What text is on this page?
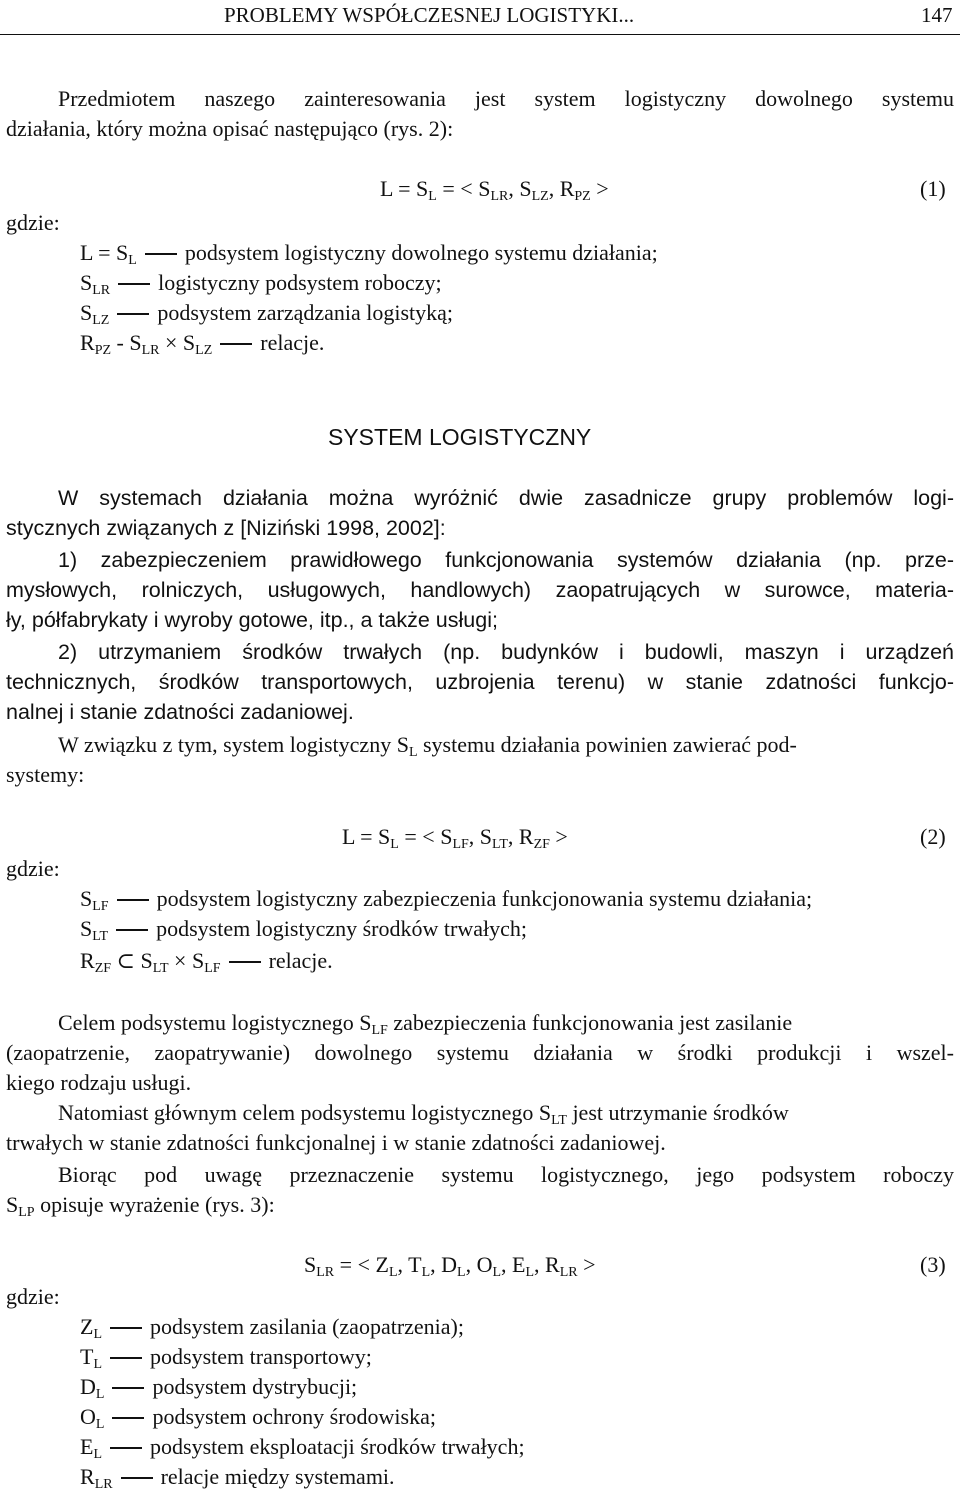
PROBLEMY WSPÓŁCZESNEJ LOGISTYKI...	147
Przedmiotem naszego zainteresowania jest system logistyczny dowolnego systemu
działania, który można opisać następująco (rys. 2):
$L = S_L$ = < $S_{LR}$, $S_{LZ}$, $R_{PZ}$ >	(1)
gdzie:
$L = S_L$ podsystem logistyczny dowolnego systemu działania;
$S_{LR}$ logistyczny podsystem roboczy;
$S_{LZ}$ podsystem zarządzania logistyką;
$R_{PZ} - S_{LR} \times S_{LZ}$ relacje.
SYSTEM LOGISTYCZNY
W systemach działania można wyróżnić dwie zasadnicze grupy problemów logi-
stycznych związanych z [Niziński 1998, 2002]:
1) zabezpieczeniem prawidłowego funkcjonowania systemów działania (np. prze-
mysłowych, rolniczych, usługowych, handlowych) zaopatrujących w surowce, materia-
ły, półfabrykaty i wyroby gotowe, itp., a także usługi;
2) utrzymaniem środków trwałych (np. budynków i budowli, maszyn i urządzeń
technicznych, środków transportowych, uzbrojenia terenu) w stanie zdatności funkcjo-
nalnej i stanie zdatności zadaniowej.
W związku z tym, system logistyczny $S_L$ systemu działania powinien zawierać pod-
systemy:
$L = S_L$ = < $S_{LF}$, $S_{LT}$, $R_{ZF}$ >	(2)
gdzie:
$S_{LF}$ podsystem logistyczny zabezpieczenia funkcjonowania systemu działania;
$S_{LT}$ podsystem logistyczny środków trwałych;
$R_{ZF}$ ⊂ $S_{LT} \times S_{LF}$ relacje.
Celem podsystemu logistycznego $S_{LF}$ zabezpieczenia funkcjonowania jest zasilanie
(zaopatrzenie, zaopatrywanie) dowolnego systemu działania w środki produkcji i wszel-
kiego rodzaju usługi.
Natomiast głównym celem podsystemu logistycznego $S_{LT}$ jest utrzymanie środków
trwałych w stanie zdatności funkcjonalnej i w stanie zdatności zadaniowej.
Biorąc pod uwagę przeznaczenie systemu logistycznego, jego podsystem roboczy
$S_{LP}$ opisuje wyrażenie (rys. 3):
$S_{LR}$ = < $Z_L$, $T_L$, $D_L$, $O_L$, $E_L$, $R_{LR}$ >	(3)
gdzie:
$Z_L$ podsystem zasilania (zaopatrzenia);
$T_L$ podsystem transportowy;
$D_L$ podsystem dystrybucji;
$O_L$ podsystem ochrony środowiska;
$E_L$ podsystem eksploatacji środków trwałych;
$R_{LR}$ relacje między systemami.
